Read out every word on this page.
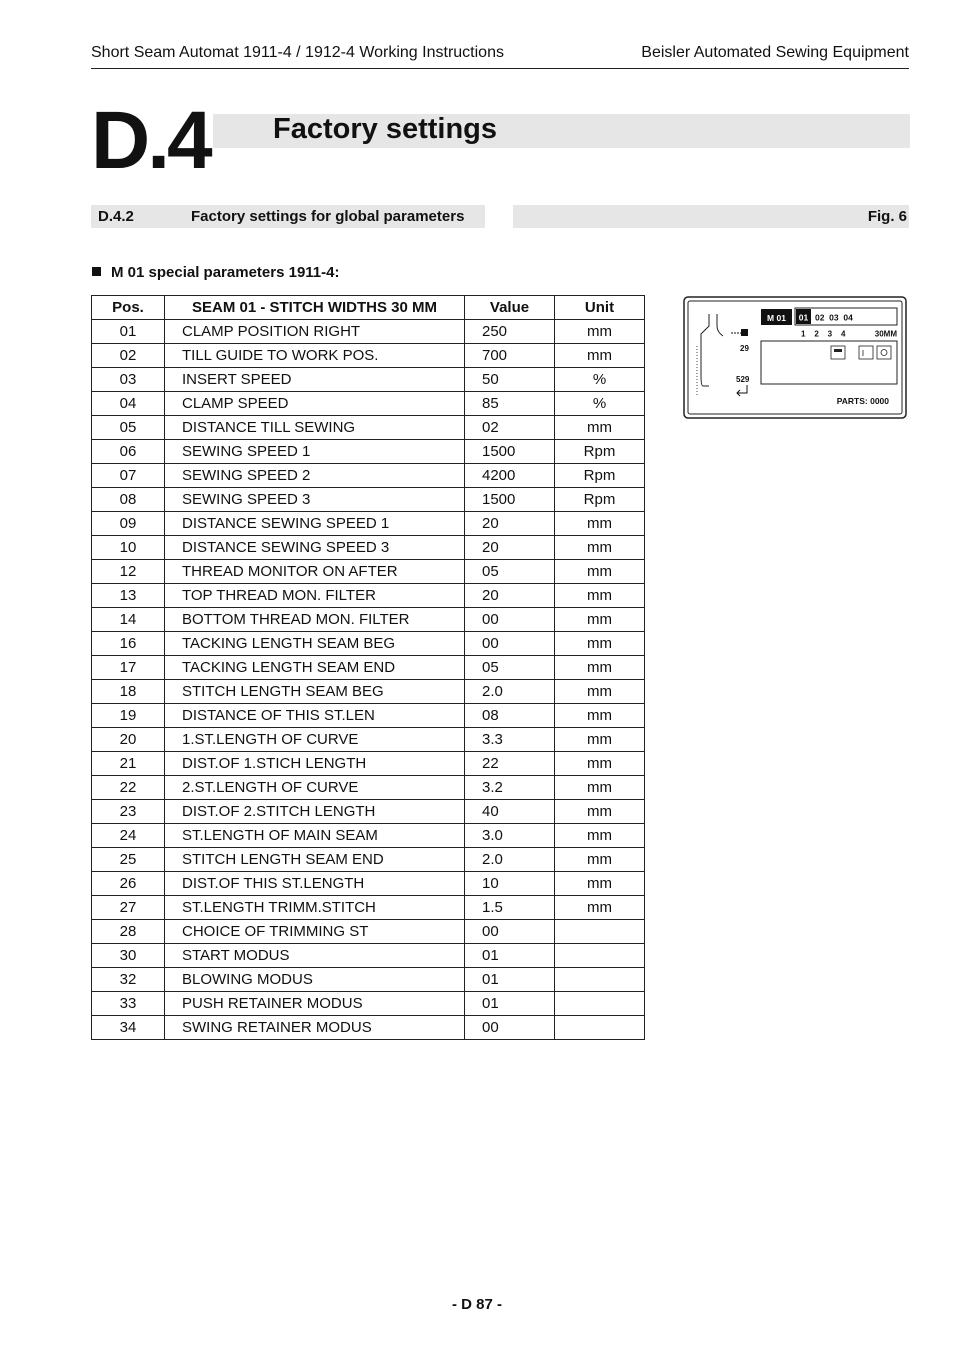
Short Seam Automat 1911-4 / 1912-4 Working Instructions	Beisler Automated Sewing Equipment
D.4 Factory settings
D.4.2	Factory settings for global parameters	Fig. 6
M 01 special parameters 1911-4:
Pos.	SEAM 01 - STITCH WIDTHS 30 MM	Value	Unit
01	CLAMP POSITION RIGHT	250	mm
02	TILL GUIDE TO WORK POS.	700	mm
03	INSERT SPEED	50	%
04	CLAMP SPEED	85	%
05	DISTANCE TILL SEWING	02	mm
06	SEWING SPEED 1	1500	Rpm
07	SEWING SPEED 2	4200	Rpm
08	SEWING SPEED 3	1500	Rpm
09	DISTANCE SEWING SPEED 1	20	mm
10	DISTANCE SEWING SPEED 3	20	mm
12	THREAD MONITOR ON AFTER	05	mm
13	TOP THREAD MON. FILTER	20	mm
14	BOTTOM THREAD MON. FILTER	00	mm
16	TACKING LENGTH SEAM BEG	00	mm
17	TACKING LENGTH SEAM END	05	mm
18	STITCH LENGTH SEAM BEG	2.0	mm
19	DISTANCE OF THIS ST.LEN	08	mm
20	1.ST.LENGTH OF CURVE	3.3	mm
21	DIST.OF 1.STICH LENGTH	22	mm
22	2.ST.LENGTH OF CURVE	3.2	mm
23	DIST.OF 2.STITCH LENGTH	40	mm
24	ST.LENGTH OF MAIN SEAM	3.0	mm
25	STITCH LENGTH SEAM END	2.0	mm
26	DIST.OF THIS ST.LENGTH	10	mm
27	ST.LENGTH TRIMM.STITCH	1.5	mm
28	CHOICE OF TRIMMING ST	00	
30	START MODUS	01	
32	BLOWING MODUS	01	
33	PUSH RETAINER MODUS	01	
34	SWING RETAINER MODUS	00	
M 01 01 02  03  04
1    2    3    4	30MM
29
529
PARTS: 0000
- D 87 -
